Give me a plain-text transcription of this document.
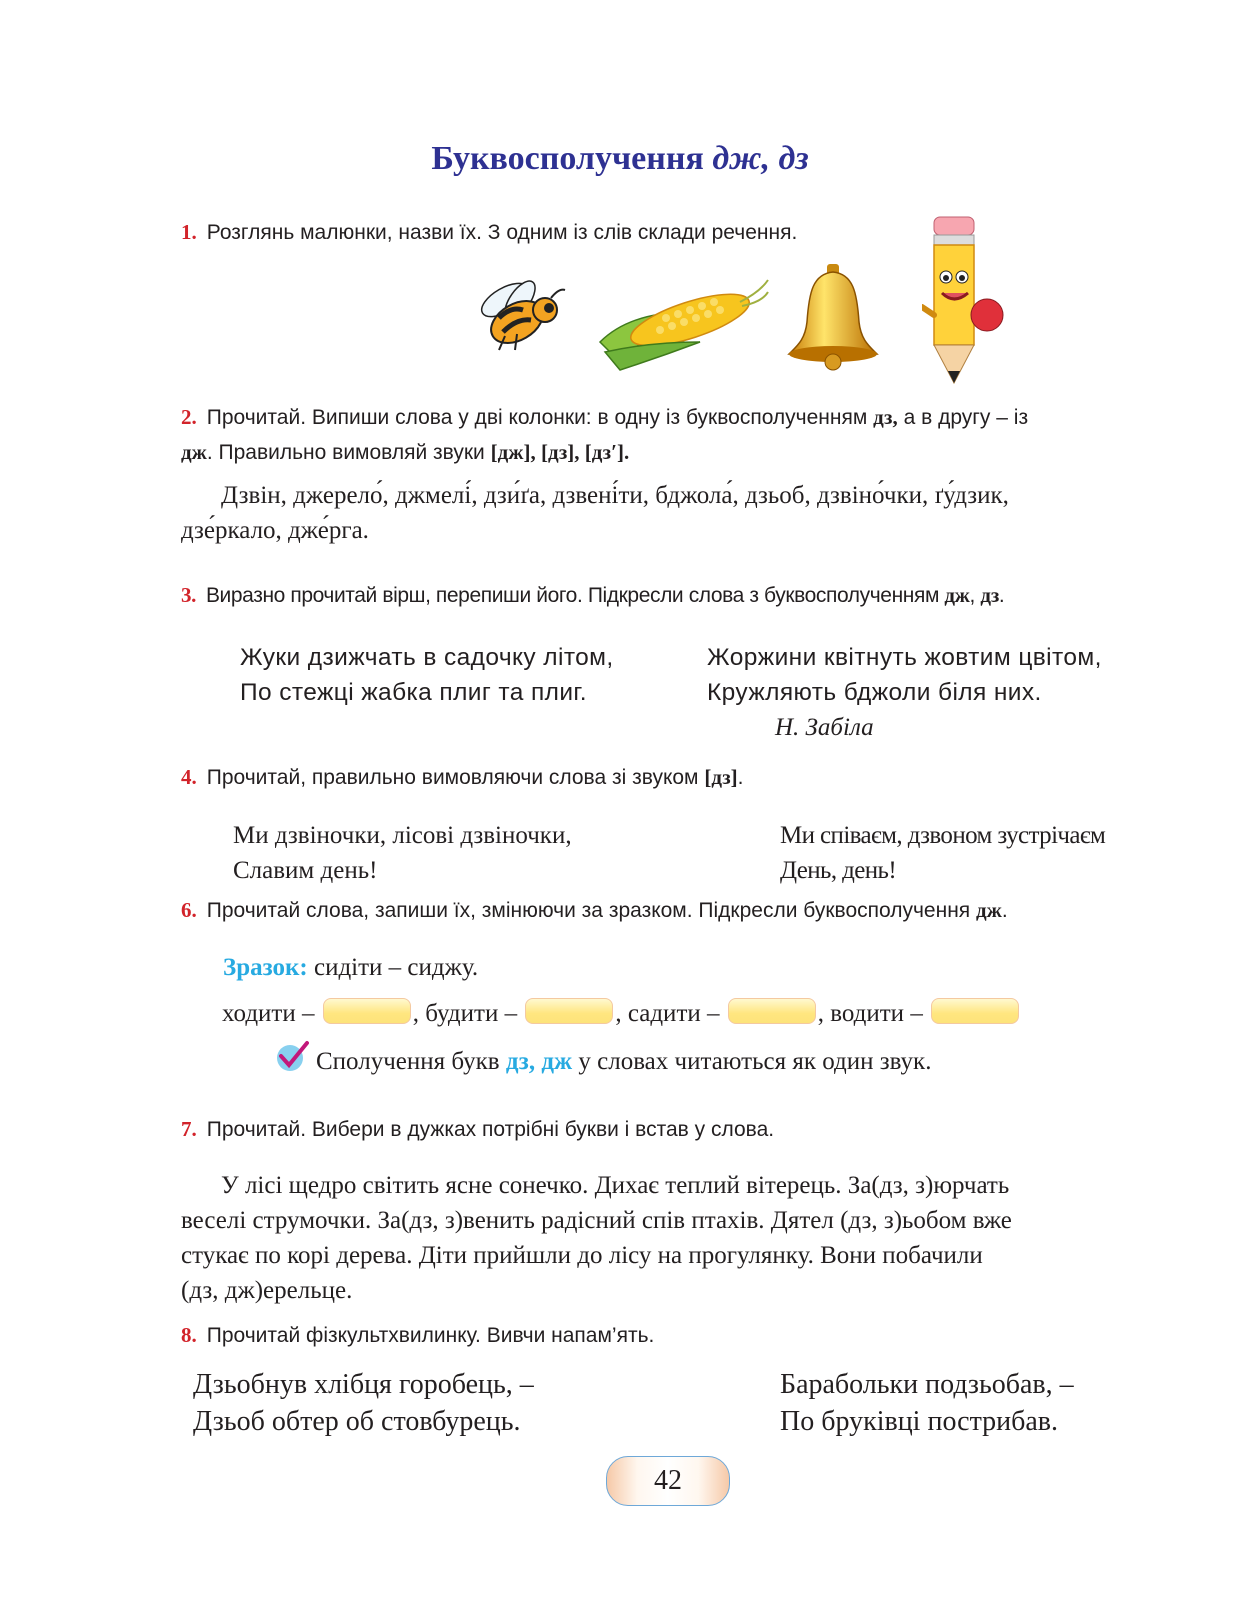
Буквосполучення дж, дз
1. Розглянь малюнки, назви їх. З одним із слів склади речення.
2. Прочитай. Випиши слова у дві колонки: в одну із буквосполученням дз, а в другу – із
дж. Правильно вимовляй звуки [дж], [дз], [дз′].
Дзвін, джерело́, джмелі́, дзи́ґа, дзвені́ти, бджола́, дзьоб, дзвіно́чки, ґу́дзик,
дзе́ркало, дже́рга.
3. Виразно прочитай вірш, перепиши його. Підкресли слова з буквосполученням дж, дз.
Жуки дзижчать в садочку літом,
По стежці жабка плиг та плиг.
Жоржини квітнуть жовтим цвітом,
Кружляють бджоли біля них.
Н. Забіла
4. Прочитай, правильно вимовляючи слова зі звуком [дз].
Ми дзвіночки, лісові дзвіночки,
Славим день!
Ми співаєм, дзвоном зустрічаєм
День, день!
6. Прочитай слова, запиши їх, змінюючи за зразком. Підкресли буквосполучення дж.
Зразок: сидіти – сиджу.
ходити –	, будити –	, садити –	, водити –
Сполучення букв дз, дж у словах читаються як один звук.
7. Прочитай. Вибери в дужках потрібні букви і встав у слова.
У лісі щедро світить ясне сонечко. Дихає теплий вітерець. За(дз, з)юрчать
веселі струмочки. За(дз, з)венить радісний спів птахів. Дятел (дз, з)ьобом вже
стукає по корі дерева. Діти прийшли до лісу на прогулянку. Вони побачили
(дз, дж)ерельце.
8. Прочитай фізкультхвилинку. Вивчи напам’ять.
Дзьобнув хлібця горобець, –
Дзьоб обтер об стовбурець.
Барабольки подзьобав, –
По бруківці пострибав.
42
